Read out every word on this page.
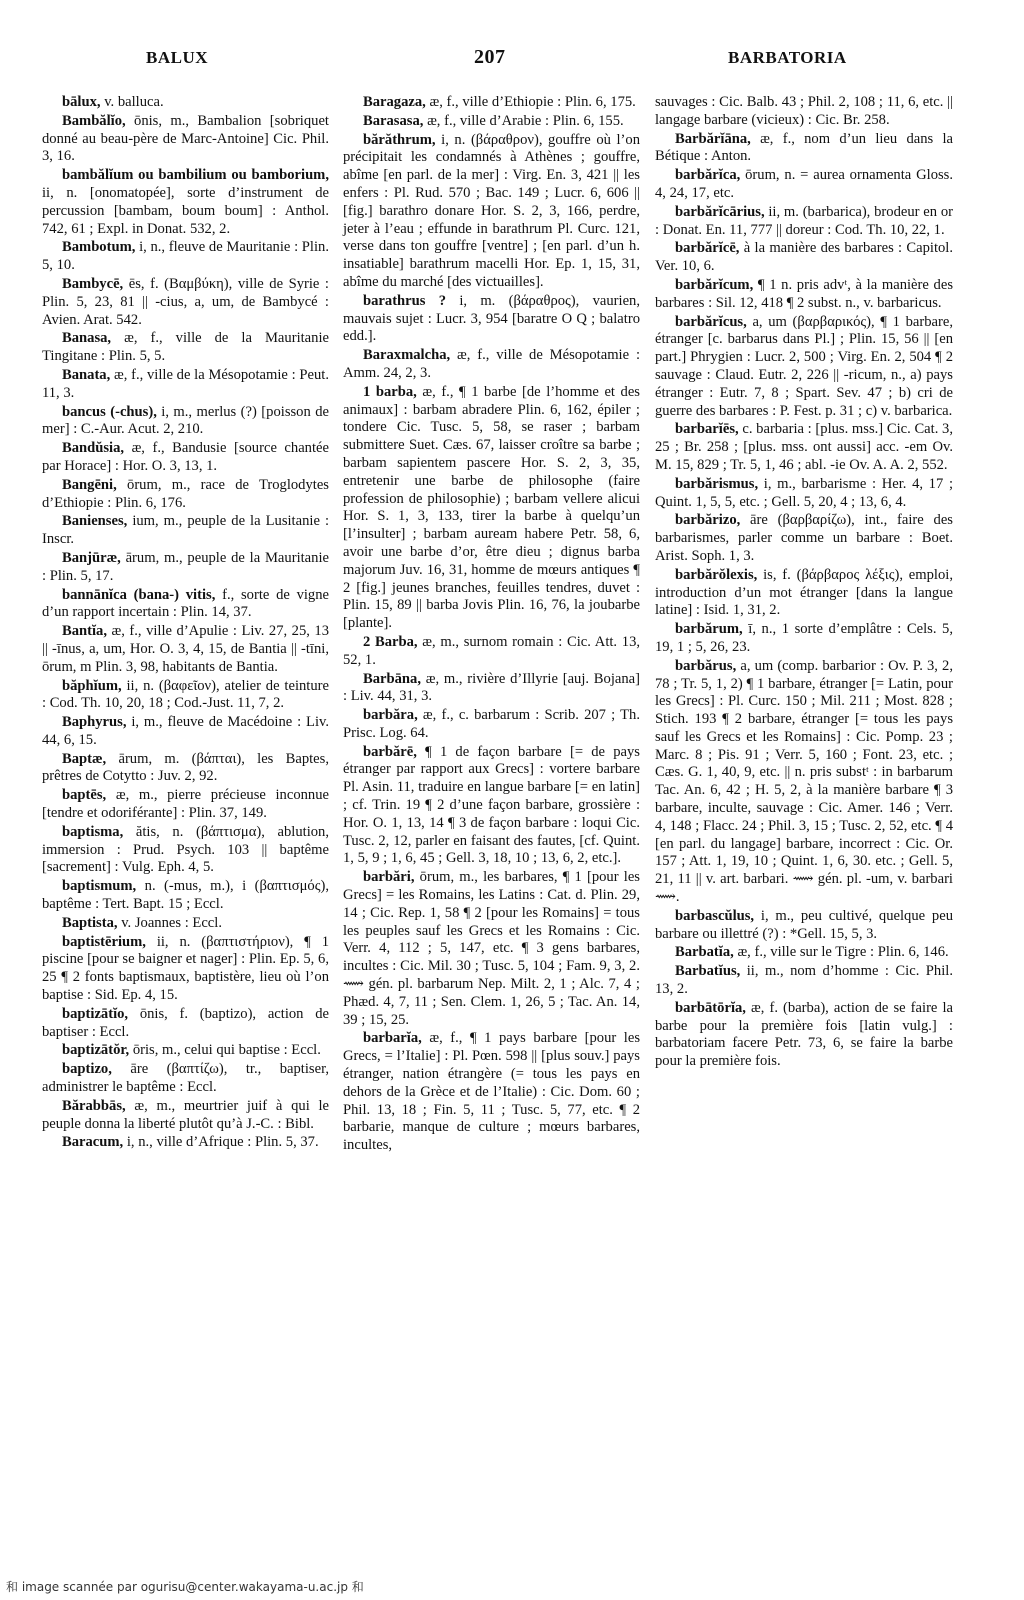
BALUX	207	BARBATORIA

bālux, v. balluca.

Bambălĭo, ōnis, m., Bambalion [sobriquet donné au beau-père de Marc-Antoine] Cic. Phil. 3, 16.

bambălĭum ou bambilium ou bamborium, ii, n. [onomatopée], sorte d’instrument de percussion [bambam, boum boum] : Anthol. 742, 61 ; Expl. in Donat. 532, 2.

Bambotum, i, n., fleuve de Mauritanie : Plin. 5, 10.

Bambycē, ēs, f. (Βαμβύκη), ville de Syrie : Plin. 5, 23, 81 || -cius, a, um, de Bambycé : Avien. Arat. 542.

Banasa, æ, f., ville de la Mauritanie Tingitane : Plin. 5, 5.

Banata, æ, f., ville de la Mésopotamie : Peut. 11, 3.

bancus (-chus), i, m., merlus (?) [poisson de mer] : C.-Aur. Acut. 2, 210.

Bandŭsia, æ, f., Bandusie [source chantée par Horace] : Hor. O. 3, 13, 1.

Bangēni, ōrum, m., race de Troglodytes d’Ethiopie : Plin. 6, 176.

Banienses, ium, m., peuple de la Lusitanie : Inscr.

Banjūræ, ārum, m., peuple de la Mauritanie : Plin. 5, 17.

bannānĭca (bana-) vitis, f., sorte de vigne d’un rapport incertain : Plin. 14, 37.

Bantĭa, æ, f., ville d’Apulie : Liv. 27, 25, 13 || -īnus, a, um, Hor. O. 3, 4, 15, de Bantia || -tīni, ōrum, m Plin. 3, 98, habitants de Bantia.

băphĭum, ii, n. (βαφεῖον), atelier de teinture : Cod. Th. 10, 20, 18 ; Cod.-Just. 11, 7, 2.

Baphyrus, i, m., fleuve de Macédoine : Liv. 44, 6, 15.

Baptæ, ārum, m. (βάπται), les Baptes, prêtres de Cotytto : Juv. 2, 92.

baptēs, æ, m., pierre précieuse inconnue [tendre et odoriférante] : Plin. 37, 149.

baptisma, ătis, n. (βάπτισμα), ablution, immersion : Prud. Psych. 103 || baptême [sacrement] : Vulg. Eph. 4, 5.

baptismum, n. (-mus, m.), i (βαπτισμός), baptême : Tert. Bapt. 15 ; Eccl.

Baptista, v. Joannes : Eccl.

baptistērium, ii, n. (βαπτιστήριον), ¶ 1 piscine [pour se baigner et nager] : Plin. Ep. 5, 6, 25 ¶ 2 fonts baptismaux, baptistère, lieu où l’on baptise : Sid. Ep. 4, 15.

baptizātĭo, ōnis, f. (baptizo), action de baptiser : Eccl.

baptizātŏr, ōris, m., celui qui baptise : Eccl.

baptizo, āre (βαπτίζω), tr., baptiser, administrer le baptême : Eccl.

Bărabbās, æ, m., meurtrier juif à qui le peuple donna la liberté plutôt qu’à J.-C. : Bibl.

Baracum, i, n., ville d’Afrique : Plin. 5, 37.

Baragaza, æ, f., ville d’Ethiopie : Plin. 6, 175.

Barasasa, æ, f., ville d’Arabie : Plin. 6, 155.

bărăthrum, i, n. (βάραθρον), gouffre où l’on précipitait les condamnés à Athènes ; gouffre, abîme [en parl. de la mer] : Virg. En. 3, 421 || les enfers : Pl. Rud. 570 ; Bac. 149 ; Lucr. 6, 606 || [fig.] barathro donare Hor. S. 2, 3, 166, perdre, jeter à l’eau ; effunde in barathrum Pl. Curc. 121, verse dans ton gouffre [ventre] ; [en parl. d’un h. insatiable] barathrum macelli Hor. Ep. 1, 15, 31, abîme du marché [des victuailles].

barathrus ? i, m. (βάραθρος), vaurien, mauvais sujet : Lucr. 3, 954 [baratre O Q ; balatro edd.].

Baraxmalcha, æ, f., ville de Mésopotamie : Amm. 24, 2, 3.

1 barba, æ, f., ¶ 1 barbe [de l’homme et des animaux] : barbam abradere Plin. 6, 162, épiler ; tondere Cic. Tusc. 5, 58, se raser ; barbam submittere Suet. Cæs. 67, laisser croître sa barbe ; barbam sapientem pascere Hor. S. 2, 3, 35, entretenir une barbe de philosophe (faire profession de philosophie) ; barbam vellere alicui Hor. S. 1, 3, 133, tirer la barbe à quelqu’un [l’insulter] ; barbam auream habere Petr. 58, 6, avoir une barbe d’or, être dieu ; dignus barba majorum Juv. 16, 31, homme de mœurs antiques ¶ 2 [fig.] jeunes branches, feuilles tendres, duvet : Plin. 15, 89 || barba Jovis Plin. 16, 76, la joubarbe [plante].

2 Barba, æ, m., surnom romain : Cic. Att. 13, 52, 1.

Barbāna, æ, m., rivière d’Illyrie [auj. Bojana] : Liv. 44, 31, 3.

barbăra, æ, f., c. barbarum : Scrib. 207 ; Th. Prisc. Log. 64.

barbărē, ¶ 1 de façon barbare [= de pays étranger par rapport aux Grecs] : vortere barbare Pl. Asin. 11, traduire en langue barbare [= en latin] ; cf. Trin. 19 ¶ 2 d’une façon barbare, grossière : Hor. O. 1, 13, 14 ¶ 3 de façon barbare : loqui Cic. Tusc. 2, 12, parler en faisant des fautes, [cf. Quint. 1, 5, 9 ; 1, 6, 45 ; Gell. 3, 18, 10 ; 13, 6, 2, etc.].

barbări, ōrum, m., les barbares, ¶ 1 [pour les Grecs] = les Romains, les Latins : Cat. d. Plin. 29, 14 ; Cic. Rep. 1, 58 ¶ 2 [pour les Romains] = tous les peuples sauf les Grecs et les Romains : Cic. Verr. 4, 112 ; 5, 147, etc. ¶ 3 gens barbares, incultes : Cic. Mil. 30 ; Tusc. 5, 104 ; Fam. 9, 3, 2. ⟿ gén. pl. barbarum Nep. Milt. 2, 1 ; Alc. 7, 4 ; Phæd. 4, 7, 11 ; Sen. Clem. 1, 26, 5 ; Tac. An. 14, 39 ; 15, 25.

barbarĭa, æ, f., ¶ 1 pays barbare [pour les Grecs, = l’Italie] : Pl. Pœn. 598 || [plus souv.] pays étranger, nation étrangère (= tous les pays en dehors de la Grèce et de l’Italie) : Cic. Dom. 60 ; Phil. 13, 18 ; Fin. 5, 11 ; Tusc. 5, 77, etc. ¶ 2 barbarie, manque de culture ; mœurs barbares, incultes,

sauvages : Cic. Balb. 43 ; Phil. 2, 108 ; 11, 6, etc. || langage barbare (vicieux) : Cic. Br. 258.

Barbărĭāna, æ, f., nom d’un lieu dans la Bétique : Anton.

barbărĭca, ōrum, n. = aurea ornamenta Gloss. 4, 24, 17, etc.

barbărĭcārius, ii, m. (barbarica), brodeur en or : Donat. En. 11, 777 || doreur : Cod. Th. 10, 22, 1.

barbărĭcē, à la manière des barbares : Capitol. Ver. 10, 6.

barbărĭcum, ¶ 1 n. pris advᵗ, à la manière des barbares : Sil. 12, 418 ¶ 2 subst. n., v. barbaricus.

barbărĭcus, a, um (βαρβαρικός), ¶ 1 barbare, étranger [c. barbarus dans Pl.] ; Plin. 15, 56 || [en part.] Phrygien : Lucr. 2, 500 ; Virg. En. 2, 504 ¶ 2 sauvage : Claud. Eutr. 2, 226 || -ricum, n., a) pays étranger : Eutr. 7, 8 ; Spart. Sev. 47 ; b) cri de guerre des barbares : P. Fest. p. 31 ; c) v. barbarica.

barbarĭēs, c. barbaria : [plus. mss.] Cic. Cat. 3, 25 ; Br. 258 ; [plus. mss. ont aussi] acc. -em Ov. M. 15, 829 ; Tr. 5, 1, 46 ; abl. -ie Ov. A. A. 2, 552.

barbărismus, i, m., barbarisme : Her. 4, 17 ; Quint. 1, 5, 5, etc. ; Gell. 5, 20, 4 ; 13, 6, 4.

barbărizo, āre (βαρβαρίζω), int., faire des barbarismes, parler comme un barbare : Boet. Arist. Soph. 1, 3.

barbărŏlexis, is, f. (βάρβαρος λέξις), emploi, introduction d’un mot étranger [dans la langue latine] : Isid. 1, 31, 2.

barbărum, ī, n., 1 sorte d’emplâtre : Cels. 5, 19, 1 ; 5, 26, 23.

barbărus, a, um (comp. barbarior : Ov. P. 3, 2, 78 ; Tr. 5, 1, 2) ¶ 1 barbare, étranger [= Latin, pour les Grecs] : Pl. Curc. 150 ; Mil. 211 ; Most. 828 ; Stich. 193 ¶ 2 barbare, étranger [= tous les pays sauf les Grecs et les Romains] : Cic. Pomp. 23 ; Marc. 8 ; Pis. 91 ; Verr. 5, 160 ; Font. 23, etc. ; Cæs. G. 1, 40, 9, etc. || n. pris substᵗ : in barbarum Tac. An. 6, 42 ; H. 5, 2, à la manière barbare ¶ 3 barbare, inculte, sauvage : Cic. Amer. 146 ; Verr. 4, 148 ; Flacc. 24 ; Phil. 3, 15 ; Tusc. 2, 52, etc. ¶ 4 [en parl. du langage] barbare, incorrect : Cic. Or. 157 ; Att. 1, 19, 10 ; Quint. 1, 6, 30. etc. ; Gell. 5, 21, 11 || v. art. barbari. ⟿ gén. pl. -um, v. barbari ⟿.

barbascŭlus, i, m., peu cultivé, quelque peu barbare ou illettré (?) : *Gell. 15, 5, 3.

Barbatĭa, æ, f., ville sur le Tigre : Plin. 6, 146.

Barbatĭus, ii, m., nom d’homme : Cic. Phil. 13, 2.

barbātōrĭa, æ, f. (barba), action de se faire la barbe pour la première fois [latin vulg.] : barbatoriam facere Petr. 73, 6, se faire la barbe pour la première fois.

和 image scannée par ogurisu@center.wakayama-u.ac.jp 和
